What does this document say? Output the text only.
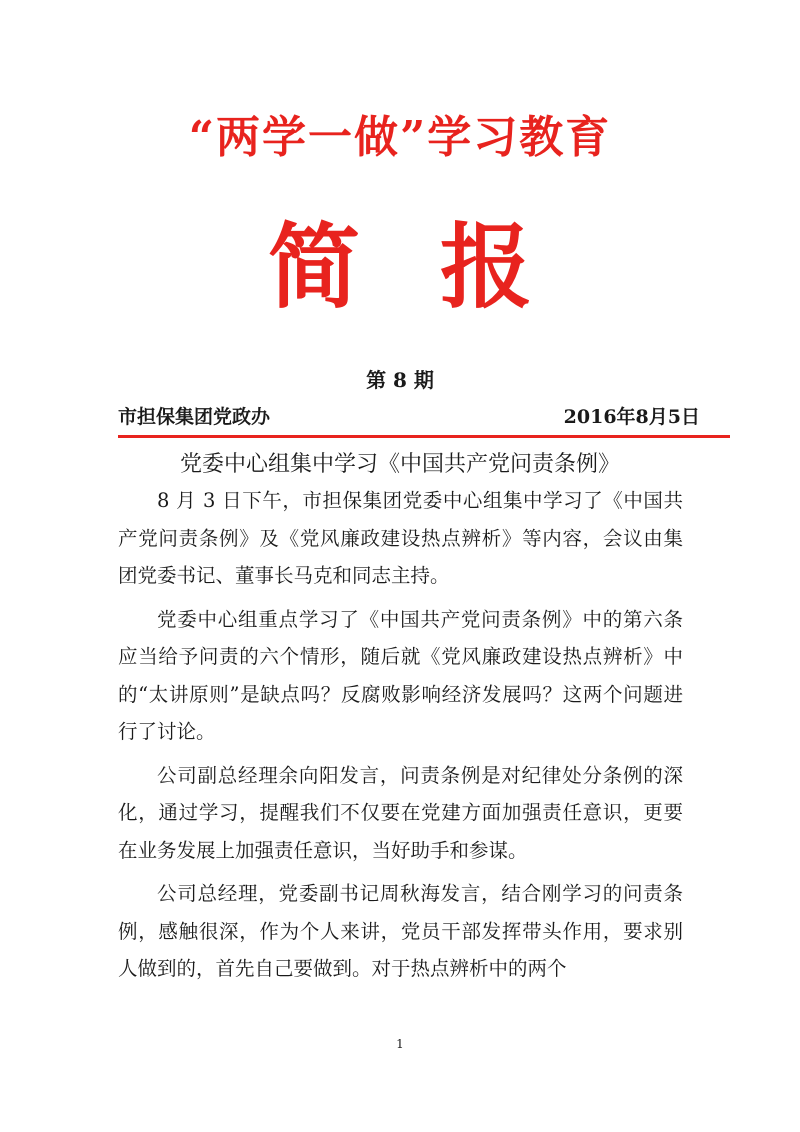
“两学一做”学习教育
简报
第 8 期
市担保集团党政办	2016年8月5日
党委中心组集中学习《中国共产党问责条例》

8 月 3 日下午，市担保集团党委中心组集中学习了《中国共产党问责条例》及《党风廉政建设热点辨析》等内容，会议由集团党委书记、董事长马克和同志主持。

党委中心组重点学习了《中国共产党问责条例》中的第六条应当给予问责的六个情形，随后就《党风廉政建设热点辨析》中的“太讲原则”是缺点吗？反腐败影响经济发展吗？这两个问题进行了讨论。

公司副总经理余向阳发言，问责条例是对纪律处分条例的深化，通过学习，提醒我们不仅要在党建方面加强责任意识，更要在业务发展上加强责任意识，当好助手和参谋。

公司总经理，党委副书记周秋海发言，结合刚学习的问责条例，感触很深，作为个人来讲，党员干部发挥带头作用，要求别人做到的，首先自己要做到。对于热点辨析中的两个

1
